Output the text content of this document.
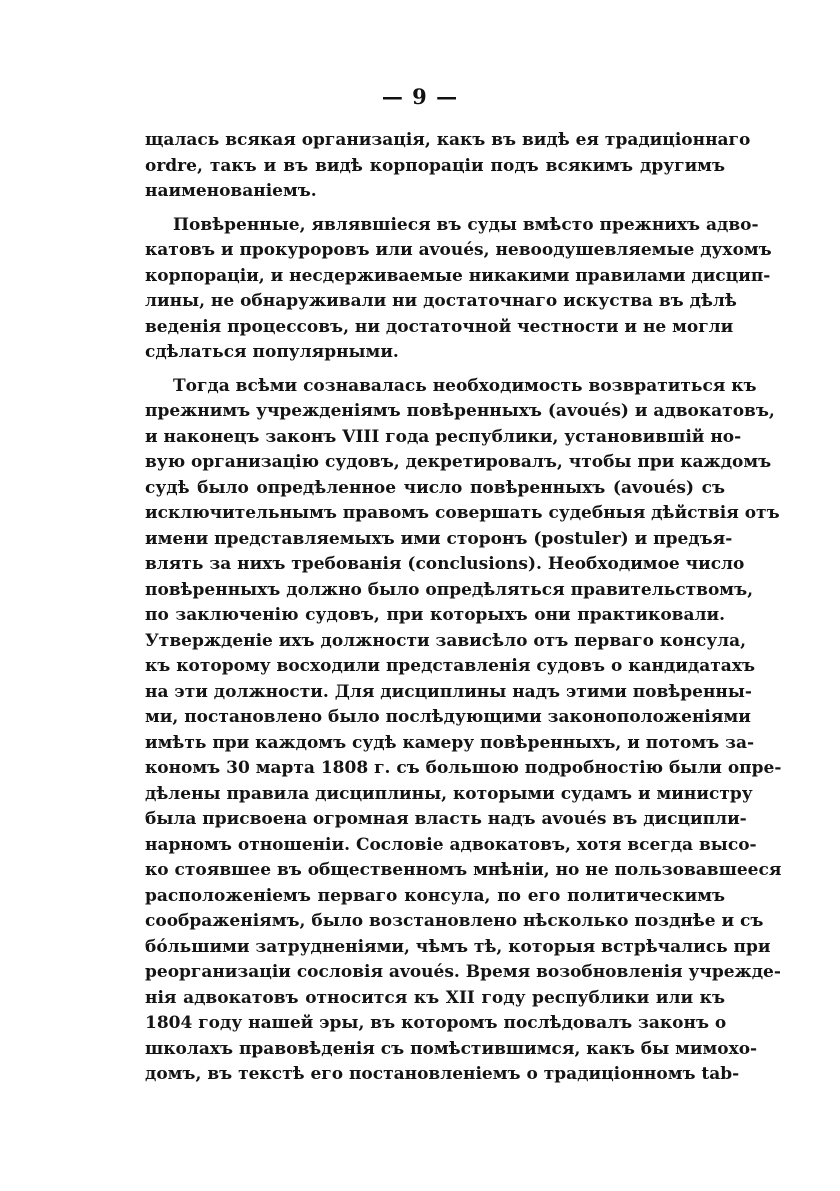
— 9 —
щалась всякая организація, какъ въ видѣ ея традиціоннаго
ordre, такъ и въ видѣ корпораціи подъ всякимъ другимъ
наименованіемъ.
Повѣренные, являвшіеся въ суды вмѣсто прежнихъ адво-
катовъ и прокуроровъ или avoués, невоодушевляемые духомъ
корпораціи, и несдерживаемые никакими правилами дисцип-
лины, не обнаруживали ни достаточнаго искуства въ дѣлѣ
веденія процессовъ, ни достаточной честности и не могли
сдѣлаться популярными.
Тогда всѣми сознавалась необходимость возвратиться къ
прежнимъ учрежденіямъ повѣренныхъ (avoués) и адвокатовъ,
и наконецъ законъ VIII года республики, установившій но-
вую организацію судовъ, декретировалъ, чтобы при каждомъ
судѣ было опредѣленное число повѣренныхъ (avoués) съ
исключительнымъ правомъ совершать судебныя дѣйствія отъ
имени представляемыхъ ими сторонъ (postuler) и предъя-
влять за нихъ требованія (conclusions). Необходимое число
повѣренныхъ должно было опредѣляться правительствомъ,
по заключенію судовъ, при которыхъ они практиковали.
Утвержденіе ихъ должности зависѣло отъ перваго консула,
къ которому восходили представленія судовъ о кандидатахъ
на эти должности. Для дисциплины надъ этими повѣренны-
ми, постановлено было послѣдующими законоположеніями
имѣть при каждомъ судѣ камеру повѣренныхъ, и потомъ за-
кономъ 30 марта 1808 г. съ большою подробностію были опре-
дѣлены правила дисциплины, которыми судамъ и министру
была присвоена огромная власть надъ avoués въ дисципли-
нарномъ отношеніи. Сословіе адвокатовъ, хотя всегда высо-
ко стоявшее въ общественномъ мнѣніи, но не пользовавшееся
расположеніемъ перваго консула, по его политическимъ
соображеніямъ, было возстановлено нѣсколько позднѣе и съ
бóльшими затрудненіями, чѣмъ тѣ, которыя встрѣчались при
реорганизаціи сословія avoués. Время возобновленія учрежде-
нія адвокатовъ относится къ XII году республики или къ
1804 году нашей эры, въ которомъ послѣдовалъ законъ о
школахъ правовѣденія съ помѣстившимся, какъ бы мимохо-
домъ, въ текстѣ его постановленіемъ о традиціонномъ tab-
